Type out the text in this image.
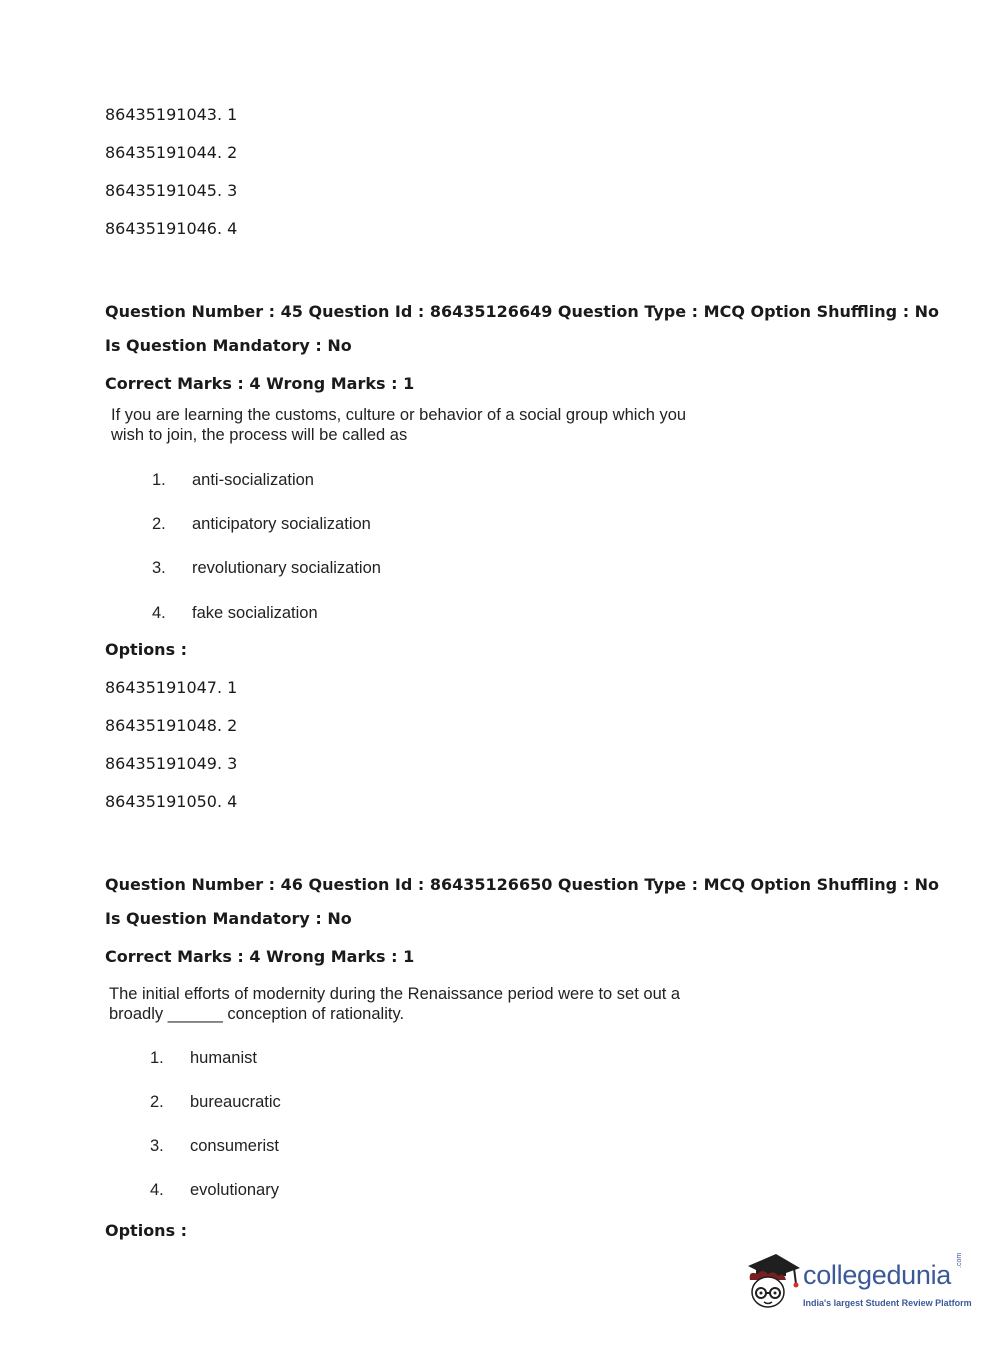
86435191043. 1
86435191044. 2
86435191045. 3
86435191046. 4
Question Number : 45 Question Id : 86435126649 Question Type : MCQ Option Shuffling : No
Is Question Mandatory : No
Correct Marks : 4 Wrong Marks : 1
If you are learning the customs, culture or behavior of a social group which you
wish to join, the process will be called as
1. anti-socialization
2. anticipatory socialization
3. revolutionary socialization
4. fake socialization
Options :
86435191047. 1
86435191048. 2
86435191049. 3
86435191050. 4
Question Number : 46 Question Id : 86435126650 Question Type : MCQ Option Shuffling : No
Is Question Mandatory : No
Correct Marks : 4 Wrong Marks : 1
The initial efforts of modernity during the Renaissance period were to set out a
broadly ______ conception of rationality.
1. humanist
2. bureaucratic
3. consumerist
4. evolutionary
Options :
collegedunia
India's largest Student Review Platform
.com
